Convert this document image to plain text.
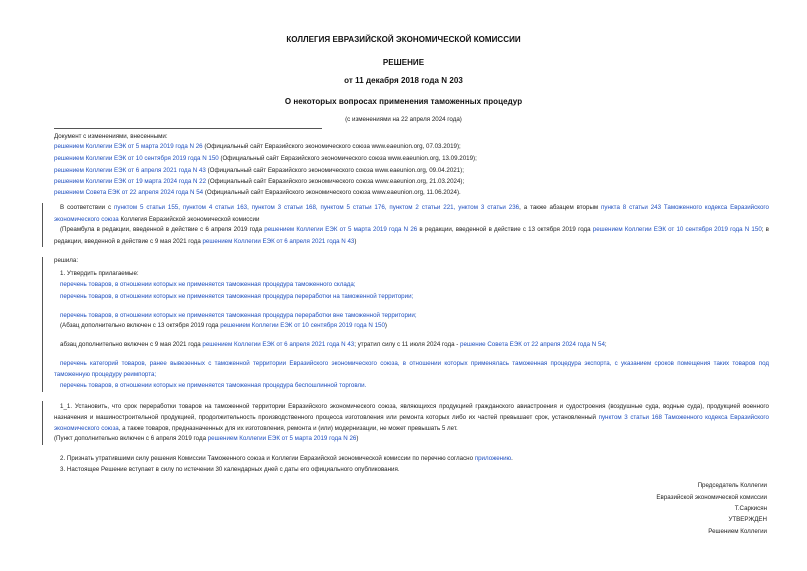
КОЛЛЕГИЯ ЕВРАЗИЙСКОЙ ЭКОНОМИЧЕСКОЙ КОМИССИИ
РЕШЕНИЕ
от 11 декабря 2018 года N 203
О некоторых вопросах применения таможенных процедур
(с изменениями на 22 апреля 2024 года)
Документ с изменениями, внесенными:
решением Коллегии ЕЭК от 5 марта 2019 года N 26 (Официальный сайт Евразийского экономического союза www.eaeunion.org, 07.03.2019);
решением Коллегии ЕЭК от 10 сентября 2019 года N 150 (Официальный сайт Евразийского экономического союза www.eaeunion.org, 13.09.2019);
решением Коллегии ЕЭК от 6 апреля 2021 года N 43 (Официальный сайт Евразийского экономического союза www.eaeunion.org, 09.04.2021);
решением Коллегии ЕЭК от 19 марта 2024 года N 22 (Официальный сайт Евразийского экономического союза www.eaeunion.org, 21.03.2024);
решением Совета ЕЭК от 22 апреля 2024 года N 54 (Официальный сайт Евразийского экономического союза www.eaeunion.org, 11.06.2024).
В соответствии с пунктом 5 статьи 155, пунктом 4 статьи 163, пунктом 3 статьи 168, пунктом 5 статьи 176, пунктом 2 статьи 221, унктом 3 статьи 236, а также абзацем вторым пункта 8 статьи 243 Таможенного кодекса Евразийского экономического союза Коллегия Евразийской экономической комиссии
(Преамбула в редакции, введенной в действие с 6 апреля 2019 года решением Коллегии ЕЭК от 5 марта 2019 года N 26 в редакции, введенной в действие с 13 октября 2019 года решением Коллегии ЕЭК от 10 сентября 2019 года N 150; в редакции, введенной в действие с 9 мая 2021 года решением Коллегии ЕЭК от 6 апреля 2021 года N 43)
решила:
1. Утвердить прилагаемые:
перечень товаров, в отношении которых не применяется таможенная процедура таможенного склада;
перечень товаров, в отношении которых не применяется таможенная процедура переработки на таможенной территории;
перечень товаров, в отношении которых не применяется таможенная процедура переработки вне таможенной территории;
(Абзац дополнительно включен с 13 октября 2019 года решением Коллегии ЕЭК от 10 сентября 2019 года N 150)
абзац дополнительно включен с 9 мая 2021 года решением Коллегии ЕЭК от 6 апреля 2021 года N 43; утратил силу с 11 июля 2024 года - решение Совета ЕЭК от 22 апреля 2024 года N 54;
перечень категорий товаров, ранее вывезенных с таможенной территории Евразийского экономического союза, в отношении которых применялась таможенная процедура экспорта, с указанием сроков помещения таких товаров под таможенную процедуру реимпорта;
перечень товаров, в отношении которых не применяется таможенная процедура беспошлинной торговли.
1_1. Установить, что срок переработки товаров на таможенной территории Евразийского экономического союза, являющихся продукцией гражданского авиастроения и судостроения (воздушные суда, водные суда), продукцией военного назначения и машиностроительной продукцией, продолжительность производственного процесса изготовления или ремонта которых либо их частей превышает срок, установленный пунктом 3 статьи 168 Таможенного кодекса Евразийского экономического союза, а также товаров, предназначенных для их изготовления, ремонта и (или) модернизации, не может превышать 5 лет.
(Пункт дополнительно включен с 6 апреля 2019 года решением Коллегии ЕЭК от 5 марта 2019 года N 26)
2. Признать утратившими силу решения Комиссии Таможенного союза и Коллегии Евразийской экономической комиссии по перечню согласно приложению.
3. Настоящее Решение вступает в силу по истечении 30 календарных дней с даты его официального опубликования.
Председатель Коллегии
Евразийской экономической комиссии
Т.Саркисян
УТВЕРЖДЕН
Решением Коллегии
